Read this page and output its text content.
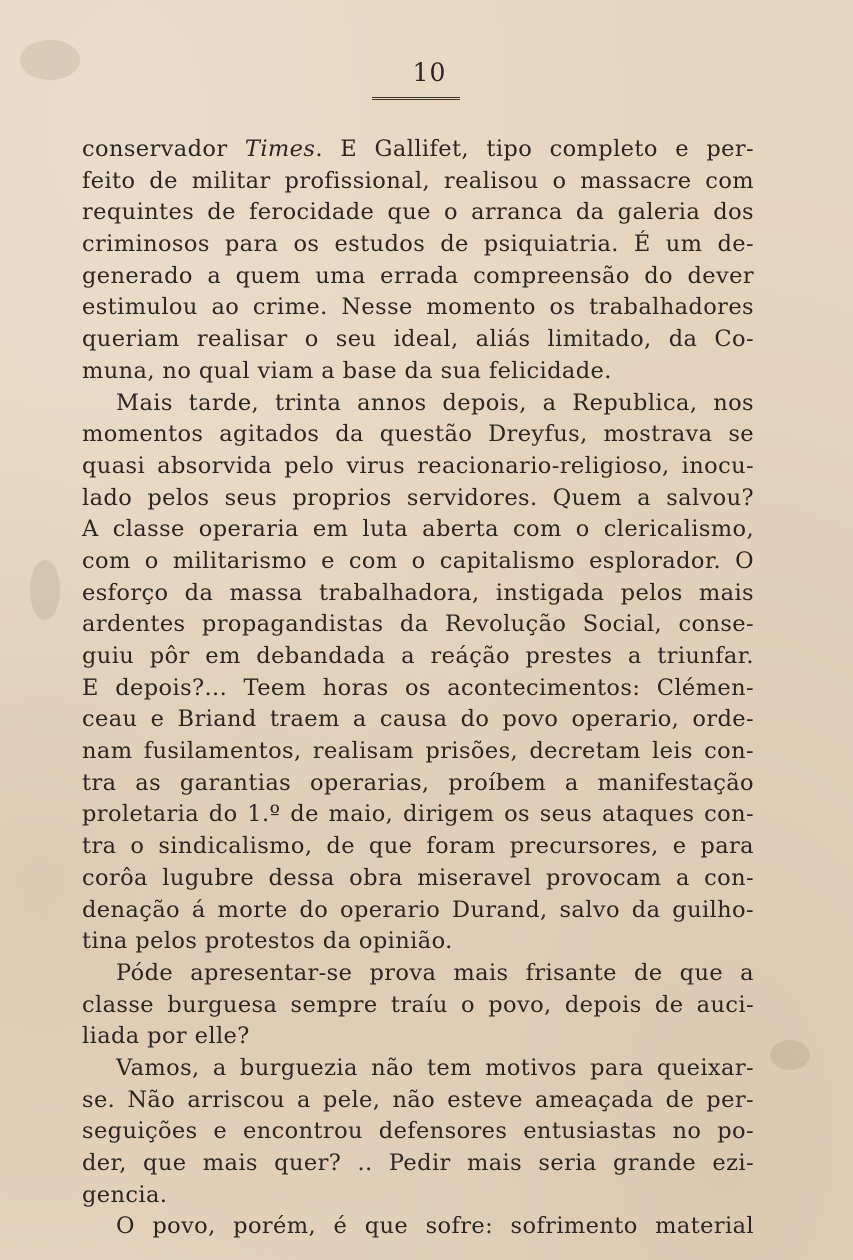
10
conservador Times. E Gallifet, tipo completo e per-
feito de militar profissional, realisou o massacre com
requintes de ferocidade que o arranca da galeria dos
criminosos para os estudos de psiquiatria. É um de-
generado a quem uma errada compreensão do dever
estimulou ao crime. Nesse momento os trabalhadores
queriam realisar o seu ideal, aliás limitado, da Co-
muna, no qual viam a base da sua felicidade.
Mais tarde, trinta annos depois, a Republica, nos
momentos agitados da questão Dreyfus, mostrava se
quasi absorvida pelo virus reacionario-religioso, inocu-
lado pelos seus proprios servidores. Quem a salvou?
A classe operaria em luta aberta com o clericalismo,
com o militarismo e com o capitalismo esplorador. O
esforço da massa trabalhadora, instigada pelos mais
ardentes propagandistas da Revolução Social, conse-
guiu pôr em debandada a reáção prestes a triunfar.
E depois?... Teem horas os acontecimentos: Clémen-
ceau e Briand traem a causa do povo operario, orde-
nam fusilamentos, realisam prisões, decretam leis con-
tra as garantias operarias, proíbem a manifestação
proletaria do 1.º de maio, dirigem os seus ataques con-
tra o sindicalismo, de que foram precursores, e para
corôa lugubre dessa obra miseravel provocam a con-
denação á morte do operario Durand, salvo da guilho-
tina pelos protestos da opinião.
Póde apresentar-se prova mais frisante de que a
classe burguesa sempre traíu o povo, depois de auci-
liada por elle?
Vamos, a burguezia não tem motivos para queixar-
se. Não arriscou a pele, não esteve ameaçada de per-
seguições e encontrou defensores entusiastas no po-
der, que mais quer? .. Pedir mais seria grande ezi-
gencia.
O povo, porém, é que sofre: sofrimento material
